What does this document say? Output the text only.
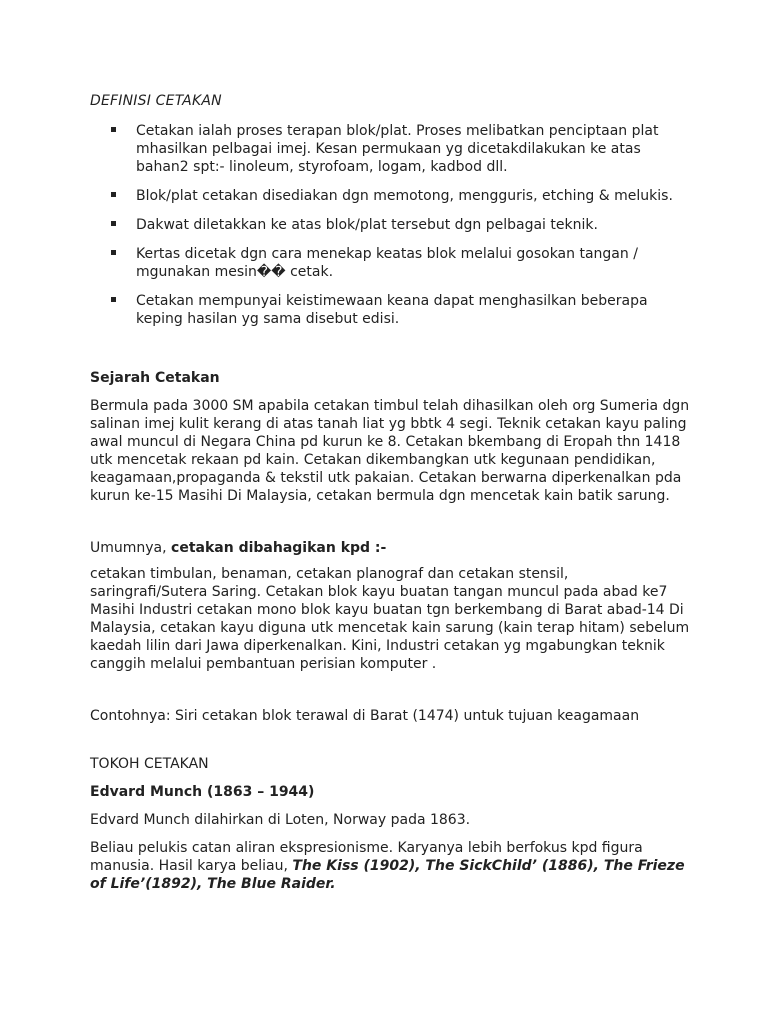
DEFINISI CETAKAN
Cetakan ialah proses terapan blok/plat. Proses melibatkan penciptaan plat mhasilkan pelbagai imej. Kesan permukaan yg dicetakdilakukan ke atas bahan2 spt:- linoleum, styrofoam, logam, kadbod dll.
Blok/plat cetakan disediakan dgn memotong, mengguris, etching & melukis.
Dakwat diletakkan ke atas blok/plat tersebut dgn pelbagai teknik.
Kertas dicetak dgn cara menekap keatas blok melalui gosokan tangan / mgunakan mesin�� cetak.
Cetakan mempunyai keistimewaan keana dapat menghasilkan beberapa keping hasilan yg sama disebut edisi.
Sejarah Cetakan

Bermula pada 3000 SM apabila cetakan timbul telah dihasilkan oleh org Sumeria dgn salinan imej kulit kerang di atas tanah liat yg bbtk 4 segi. Teknik cetakan kayu paling awal muncul di Negara China pd kurun ke 8. Cetakan bkembang di Eropah thn 1418 utk mencetak rekaan pd kain. Cetakan dikembangkan utk kegunaan pendidikan, keagamaan,propaganda & tekstil utk pakaian. Cetakan berwarna diperkenalkan pda kurun ke-15 Masihi Di Malaysia, cetakan bermula dgn mencetak kain batik sarung.

Umumnya, cetakan dibahagikan kpd :-

cetakan timbulan, benaman, cetakan planograf dan cetakan stensil, saringrafi/Sutera Saring. Cetakan blok kayu buatan tangan muncul pada abad ke7 Masihi Industri cetakan mono blok kayu buatan tgn berkembang di Barat abad-14 Di Malaysia, cetakan kayu diguna utk mencetak kain sarung (kain terap hitam) sebelum kaedah lilin dari Jawa diperkenalkan. Kini, Industri cetakan yg mgabungkan teknik canggih melalui pembantuan perisian komputer .

Contohnya: Siri cetakan blok terawal di Barat (1474) untuk tujuan keagamaan

TOKOH CETAKAN
Edvard Munch (1863 – 1944)

Edvard Munch dilahirkan di Loten, Norway pada 1863.

Beliau pelukis catan aliran ekspresionisme. Karyanya lebih berfokus kpd figura manusia. Hasil karya beliau, The Kiss (1902), The SickChild’ (1886), The Frieze of Life’(1892), The Blue Raider.
